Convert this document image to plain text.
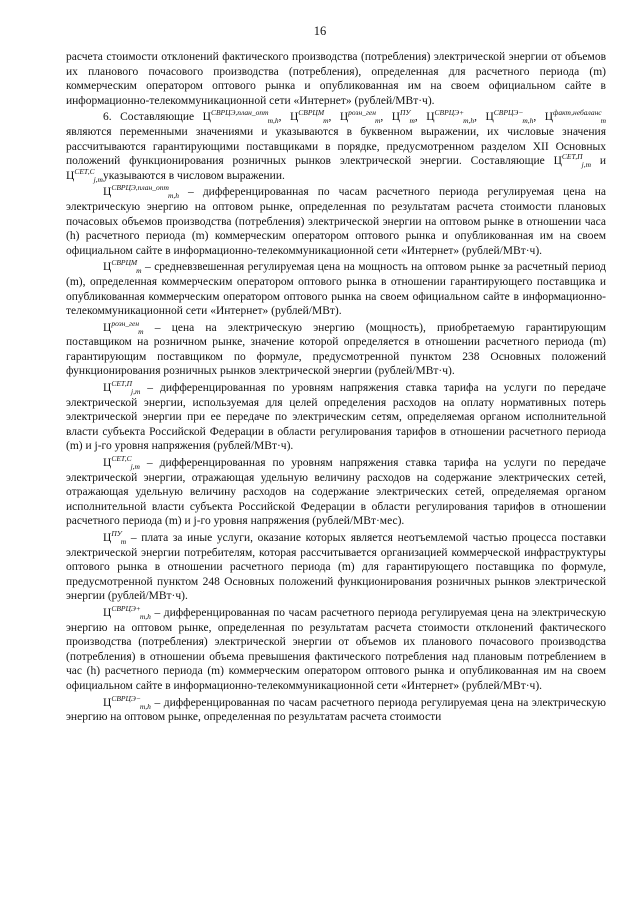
16

расчета стоимости отклонений фактического производства (потребления) электрической энергии от объемов их планового почасового производства (потребления), определенная для расчетного периода (m) коммерческим оператором оптового рынка и опубликованная им на своем официальном сайте в информационно-телекоммуникационной сети «Интернет» (рублей/МВт·ч).

6. Составляющие $Ц^{СВРЦЭ,план\_опт}_{m,h}$, $Ц^{СВРЦМ}_m$, $Ц^{розн\_ген}_m$, $Ц^{ПУ}_m$, $Ц^{СВРЦЭ+}_{m,h}$, $Ц^{СВРЦЭ-}_{m,h}$, $Ц^{факт,небаланс}_m$ являются переменными значениями и указываются в буквенном выражении, их числовые значения рассчитываются гарантирующими поставщиками в порядке, предусмотренном разделом XII Основных положений функционирования розничных рынков электрической энергии. Составляющие $Ц^{СЕТ,П}_{j,m}$ и $Ц^{СЕТ,С}_{j,m}указываются$ в числовом выражении.

$Ц^{СВРЦЭ,план\_опт}_{m,h}$ – дифференцированная по часам расчетного периода регулируемая цена на электрическую энергию на оптовом рынке, определенная по результатам расчета стоимости плановых почасовых объемов производства (потребления) электрической энергии на оптовом рынке в отношении часа (h) расчетного периода (m) коммерческим оператором оптового рынка и опубликованная им на своем официальном сайте в информационно-телекоммуникационной сети «Интернет» (рублей/МВт·ч).

$Ц^{СВРЦМ}_m$ – средневзвешенная регулируемая цена на мощность на оптовом рынке за расчетный период (m), определенная коммерческим оператором оптового рынка в отношении гарантирующего поставщика и опубликованная коммерческим оператором оптового рынка на своем официальном сайте в информационно-телекоммуникационной сети «Интернет» (рублей/МВт).

$Ц^{розн\_ген}_m$ – цена на электрическую энергию (мощность), приобретаемую гарантирующим поставщиком на розничном рынке, значение которой определяется в отношении расчетного периода (m) гарантирующим поставщиком по формуле, предусмотренной пунктом 238 Основных положений функционирования розничных рынков электрической энергии (рублей/МВт·ч).

$Ц^{СЕТ,П}_{j,m}$ – дифференцированная по уровням напряжения ставка тарифа на услуги по передаче электрической энергии, используемая для целей определения расходов на оплату нормативных потерь электрической энергии при ее передаче по электрическим сетям, определяемая органом исполнительной власти субъекта Российской Федерации в области регулирования тарифов в отношении расчетного периода (m) и j-го уровня напряжения (рублей/МВт·ч).

$Ц^{СЕТ,С}_{j,m}$ – дифференцированная по уровням напряжения ставка тарифа на услуги по передаче электрической энергии, отражающая удельную величину расходов на содержание электрических сетей, отражающая удельную величину расходов на содержание электрических сетей, определяемая органом исполнительной власти субъекта Российской Федерации в области регулирования тарифов в отношении расчетного периода (m) и j-го уровня напряжения (рублей/МВт·мес).

$Ц^{ПУ}_m$ – плата за иные услуги, оказание которых является неотъемлемой частью процесса поставки электрической энергии потребителям, которая рассчитывается организацией коммерческой инфраструктуры оптового рынка в отношении расчетного периода (m) для гарантирующего поставщика по формуле, предусмотренной пунктом 248 Основных положений функционирования розничных рынков электрической энергии (рублей/МВт·ч).

$Ц^{СВРЦЭ+}_{m,h}$ – дифференцированная по часам расчетного периода регулируемая цена на электрическую энергию на оптовом рынке, определенная по результатам расчета стоимости отклонений фактического производства (потребления) электрической энергии от объемов их планового почасового производства (потребления) в отношении объема превышения фактического потребления над плановым потреблением в час (h) расчетного периода (m) коммерческим оператором оптового рынка и опубликованная им на своем официальном сайте в информационно-телекоммуникационной сети «Интернет» (рублей/МВт·ч).

$Ц^{СВРЦЭ-}_{m,h}$ – дифференцированная по часам расчетного периода регулируемая цена на электрическую энергию на оптовом рынке, определенная по результатам расчета стоимости
